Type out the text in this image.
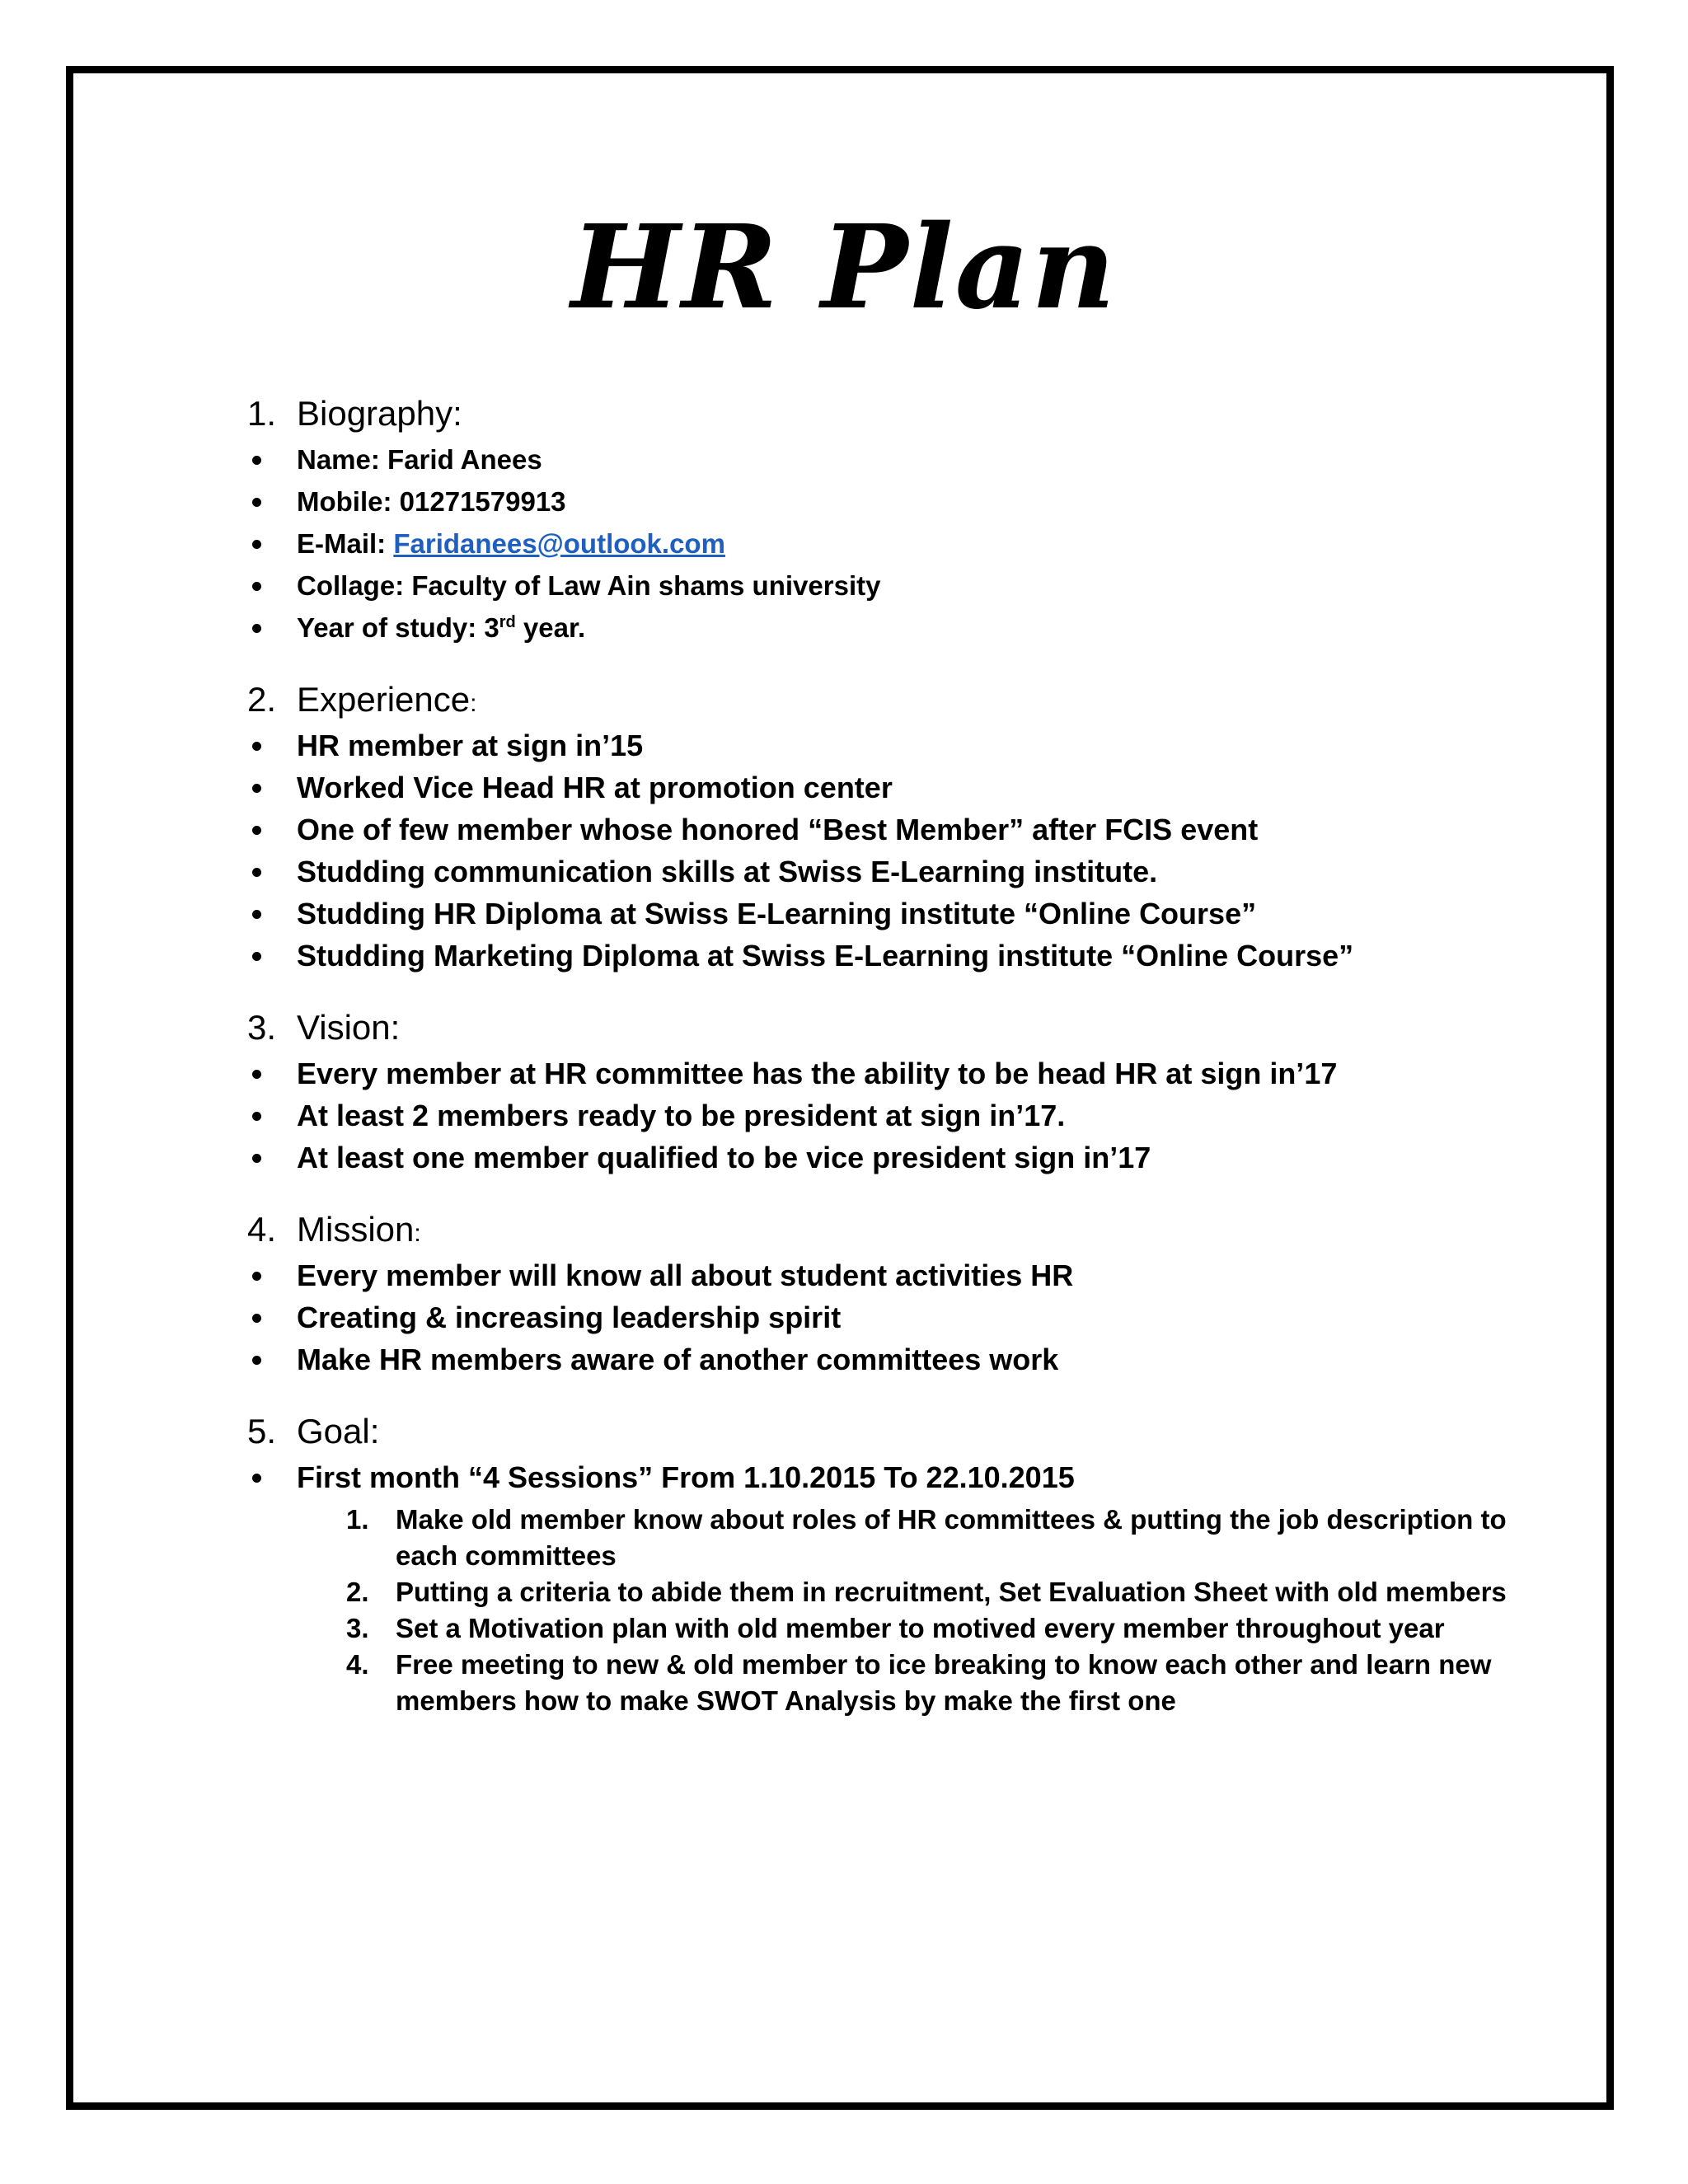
HR Plan
1. Biography :
Name: Farid Anees
Mobile: 01271579913
E-Mail: Faridanees@outlook.com
Collage: Faculty of Law Ain shams university
Year of study: 3rd year.
2. Experience :
HR member at sign in’15
Worked Vice Head HR at promotion center
One of few member whose honored “Best Member” after FCIS event
Studding communication skills at Swiss E-Learning institute.
Studding HR Diploma at Swiss E-Learning institute “Online Course”
Studding Marketing Diploma at Swiss E-Learning institute “Online Course”
3. Vision :
Every member at HR committee has the ability to be head HR at sign in’17
At least 2 members ready to be president at sign in’17.
At least one member qualified to be vice president sign in’17
4. Mission :
Every member will know all about student activities HR
Creating & increasing leadership spirit
Make HR members aware of another committees work
5. Goal :
First month “4 Sessions” From 1.10.2015 To 22.10.2015
1. Make old member know about roles of HR committees & putting the job description to each committees
2. Putting a criteria to abide them in recruitment, Set Evaluation Sheet with old members
3. Set a Motivation plan with old member to motived every member throughout year
4. Free meeting to new & old member to ice breaking to know each other and learn new members how to make SWOT Analysis by make the first one
